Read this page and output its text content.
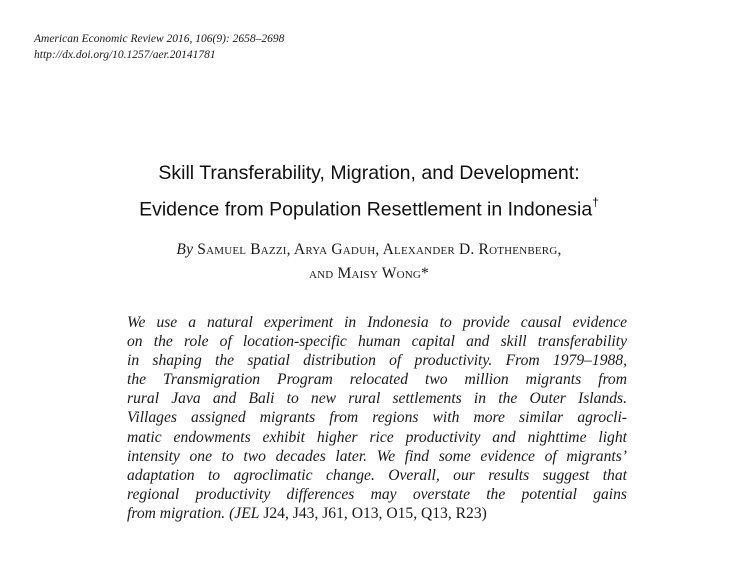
American Economic Review 2016, 106(9): 2658–2698
http://dx.doi.org/10.1257/aer.20141781
Skill Transferability, Migration, and Development:
Evidence from Population Resettlement in Indonesia†
By Samuel Bazzi, Arya Gaduh, Alexander D. Rothenberg,
and Maisy Wong*
We use a natural experiment in Indonesia to provide causal evidence
on the role of location-specific human capital and skill transferability
in shaping the spatial distribution of productivity. From 1979–1988,
the Transmigration Program relocated two million migrants from
rural Java and Bali to new rural settlements in the Outer Islands.
Villages assigned migrants from regions with more similar agrocli-
matic endowments exhibit higher rice productivity and nighttime light
intensity one to two decades later. We find some evidence of migrants’
adaptation to agroclimatic change. Overall, our results suggest that
regional productivity differences may overstate the potential gains
from migration. (JEL J24, J43, J61, O13, O15, Q13, R23)
